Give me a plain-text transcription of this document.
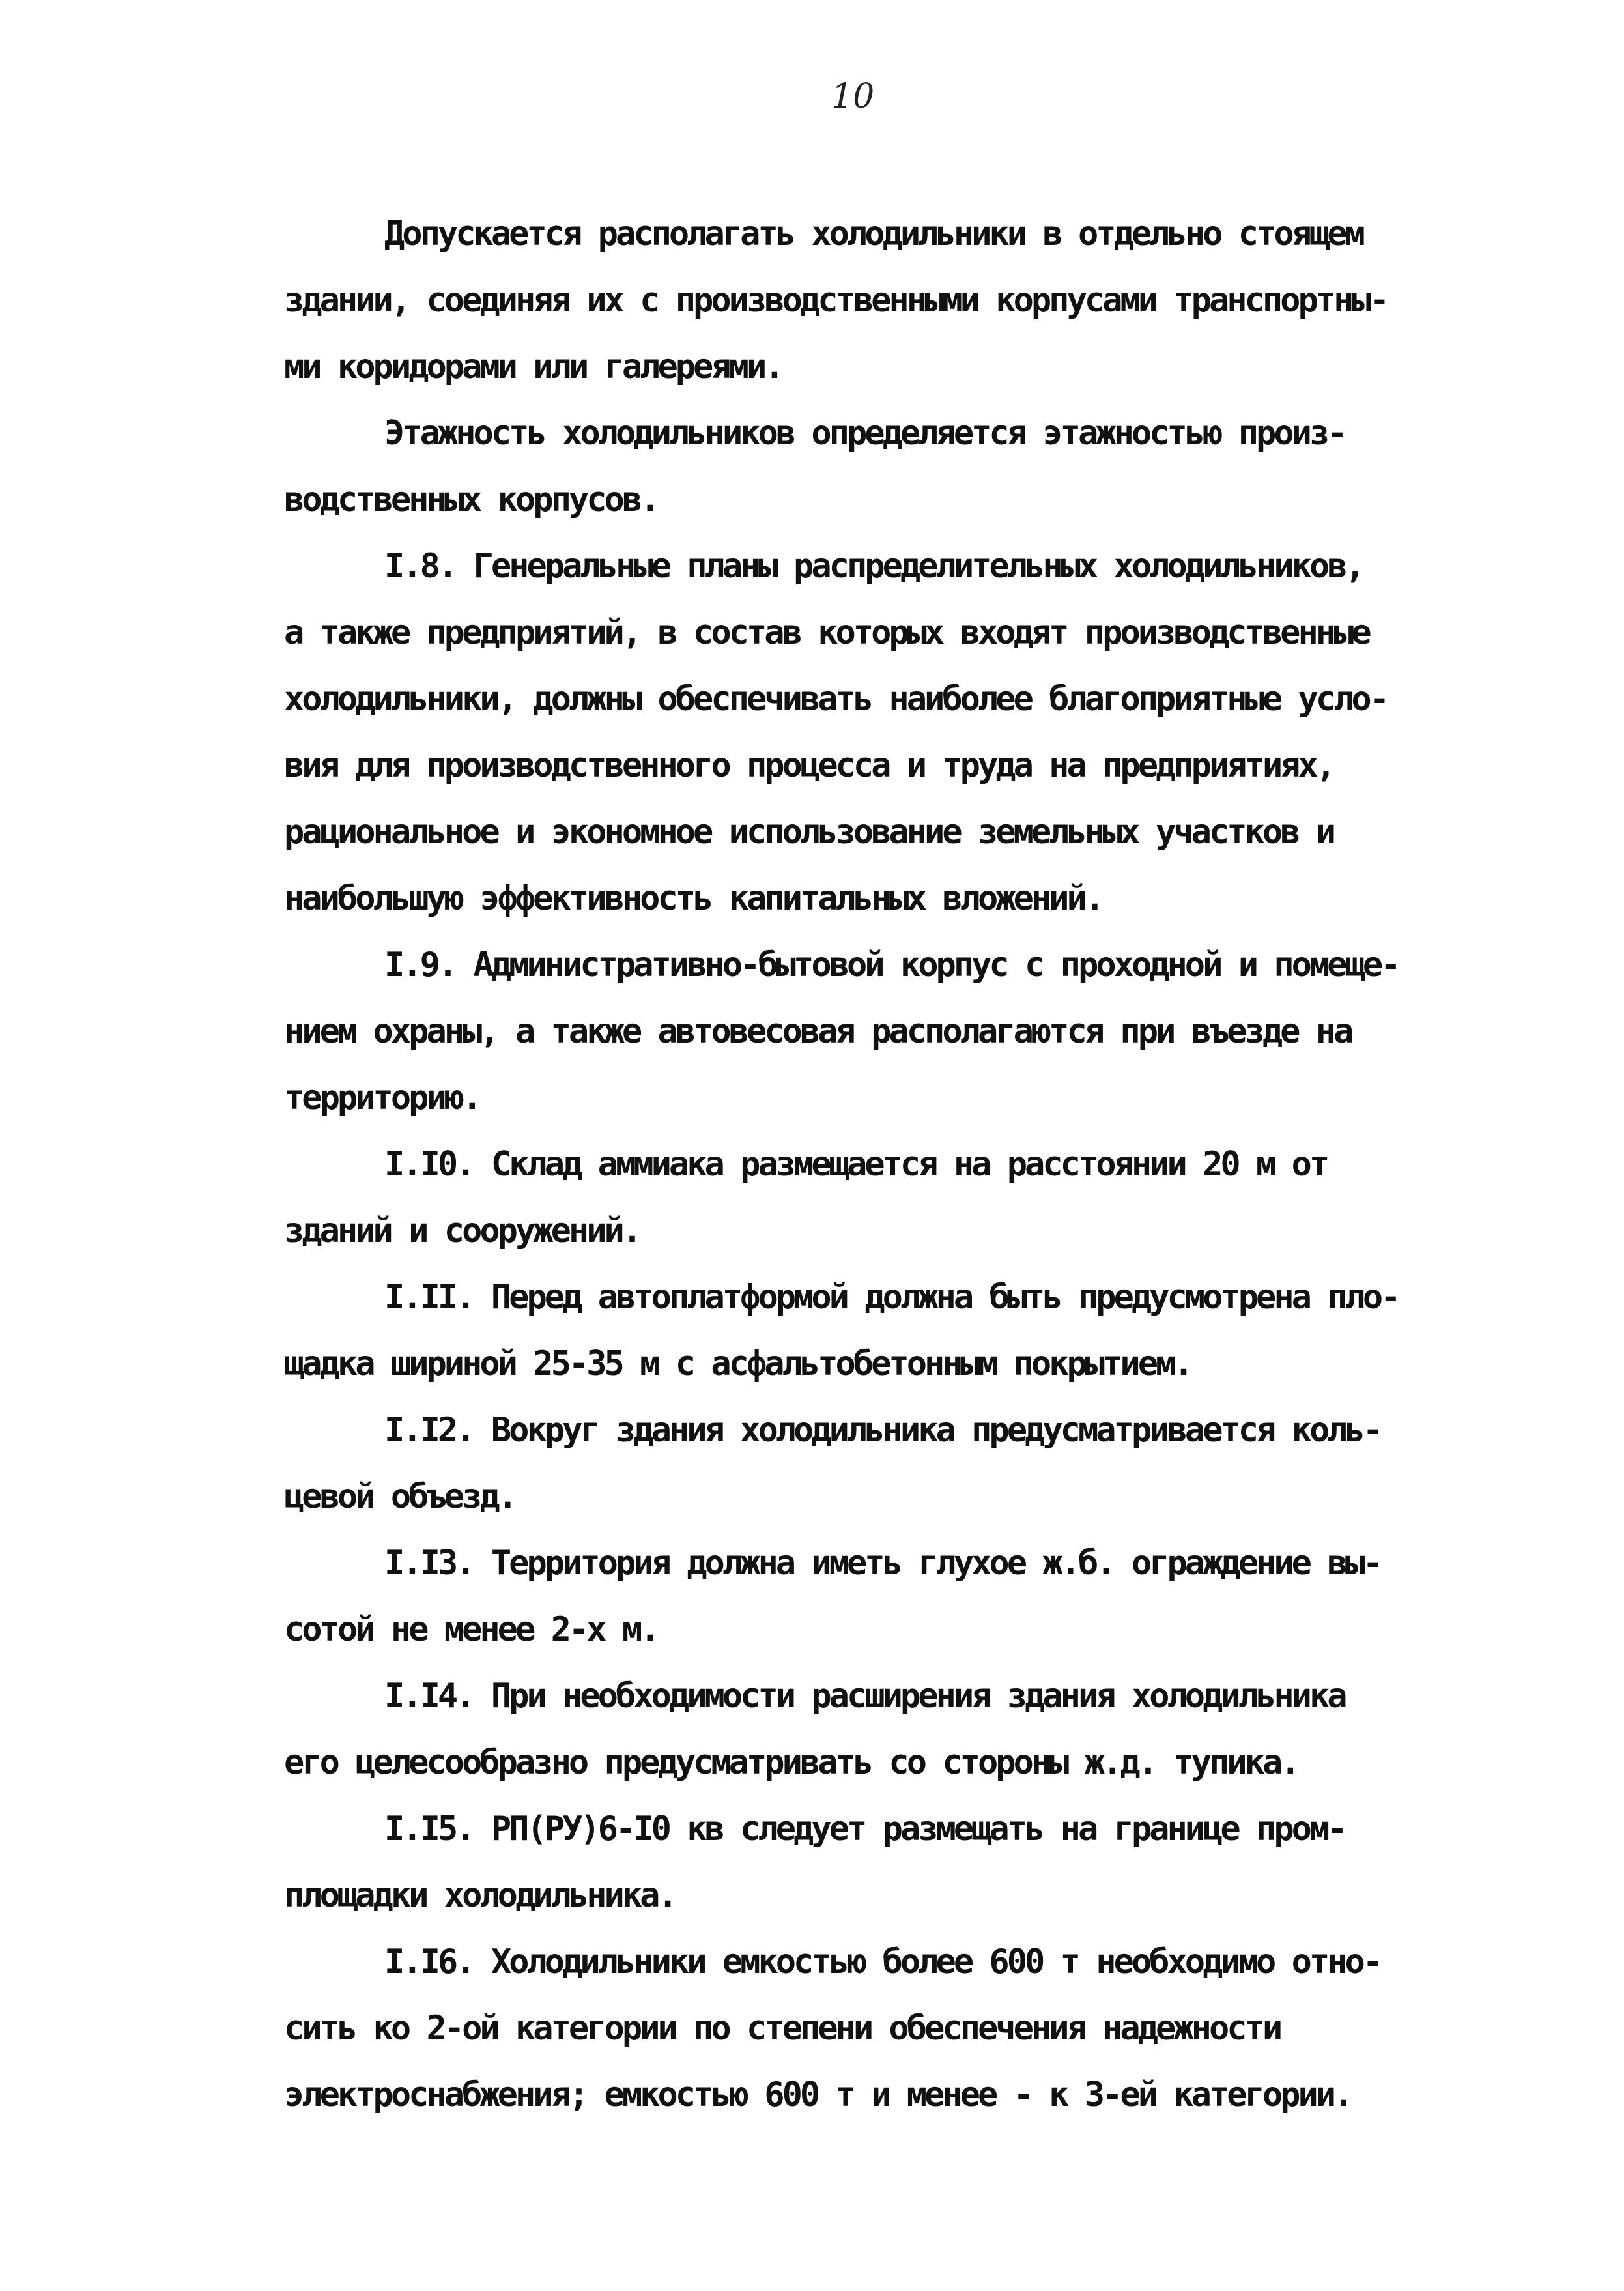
10
Допускается располагать холодильники в отдельно стоящем
здании, соединяя их с производственными корпусами транспортны-
ми коридорами или галереями.
Этажность холодильников определяется этажностью произ-
водственных корпусов.
I.8. Генеральные планы распределительных холодильников,
а также предприятий, в состав которых входят производственные
холодильники, должны обеспечивать наиболее благоприятные усло-
вия для производственного процесса и труда на предприятиях,
рациональное и экономное использование земельных участков и
наибольшую эффективность капитальных вложений.
I.9. Административно-бытовой корпус с проходной и помеще-
нием охраны, а также автовесовая располагаются при въезде на
территорию.
I.I0. Склад аммиака размещается на расстоянии 20 м от
зданий и сооружений.
I.II. Перед автоплатформой должна быть предусмотрена пло-
щадка шириной 25-35 м с асфальтобетонным покрытием.
I.I2. Вокруг здания холодильника предусматривается коль-
цевой объезд.
I.I3. Территория должна иметь глухое ж.б. ограждение вы-
сотой не менее 2-х м.
I.I4. При необходимости расширения здания холодильника
его целесообразно предусматривать со стороны ж.д. тупика.
I.I5. РП(РУ)6-I0 кв следует размещать на границе пром-
площадки холодильника.
I.I6. Холодильники емкостью более 600 т необходимо отно-
сить ко 2-ой категории по степени обеспечения надежности
электроснабжения; емкостью 600 т и менее - к 3-ей категории.
